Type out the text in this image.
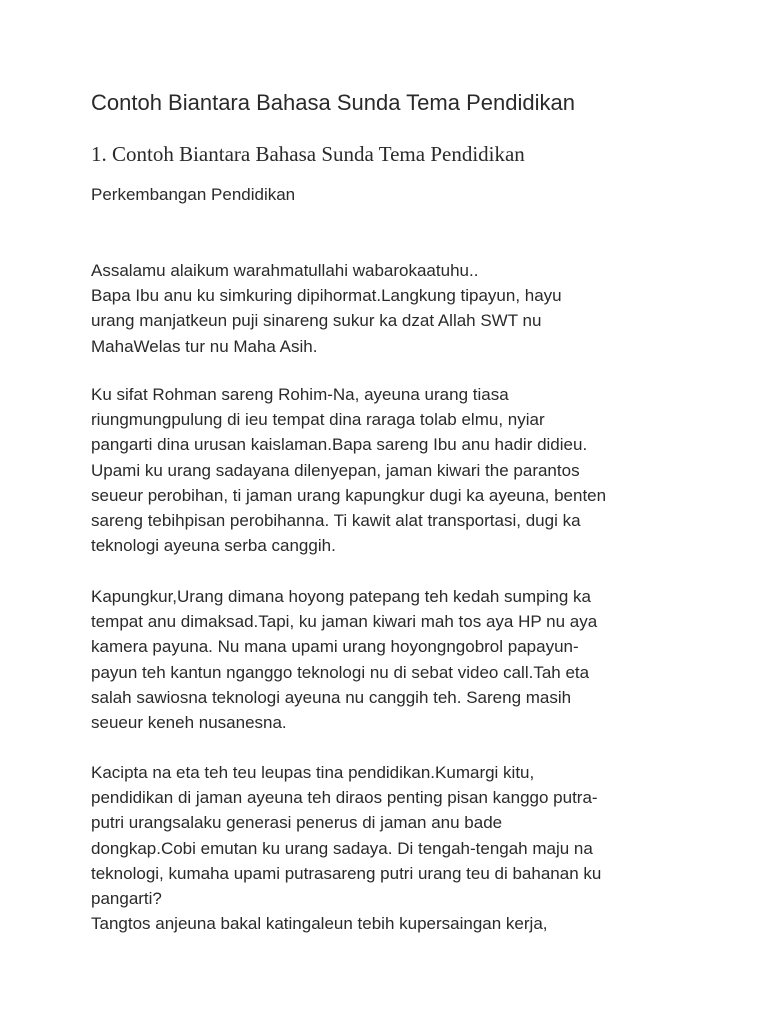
Contoh Biantara Bahasa Sunda Tema Pendidikan
1. Contoh Biantara Bahasa Sunda Tema Pendidikan

Perkembangan Pendidikan

Assalamu alaikum warahmatullahi wabarokaatuhu..
Bapa Ibu anu ku simkuring dipihormat.Langkung tipayun, hayu
urang manjatkeun puji sinareng sukur ka dzat Allah SWT nu
MahaWelas tur nu Maha Asih.

Ku sifat Rohman sareng Rohim-Na, ayeuna urang tiasa
riungmungpulung di ieu tempat dina raraga tolab elmu, nyiar
pangarti dina urusan kaislaman.Bapa sareng Ibu anu hadir didieu.
Upami ku urang sadayana dilenyepan, jaman kiwari the parantos
seueur perobihan, ti jaman urang kapungkur dugi ka ayeuna, benten
sareng tebihpisan perobihanna. Ti kawit alat transportasi, dugi ka
teknologi ayeuna serba canggih.

Kapungkur,Urang dimana hoyong patepang teh kedah sumping ka
tempat anu dimaksad.Tapi, ku jaman kiwari mah tos aya HP nu aya
kamera payuna. Nu mana upami urang hoyongngobrol papayun-
payun teh kantun nganggo teknologi nu di sebat video call.Tah eta
salah sawiosna teknologi ayeuna nu canggih teh. Sareng masih
seueur keneh nusanesna.

Kacipta na eta teh teu leupas tina pendidikan.Kumargi kitu,
pendidikan di jaman ayeuna teh diraos penting pisan kanggo putra-
putri urangsalaku generasi penerus di jaman anu bade
dongkap.Cobi emutan ku urang sadaya. Di tengah-tengah maju na
teknologi, kumaha upami putrasareng putri urang teu di bahanan ku
pangarti?
Tangtos anjeuna bakal katingaleun tebih kupersaingan kerja,
